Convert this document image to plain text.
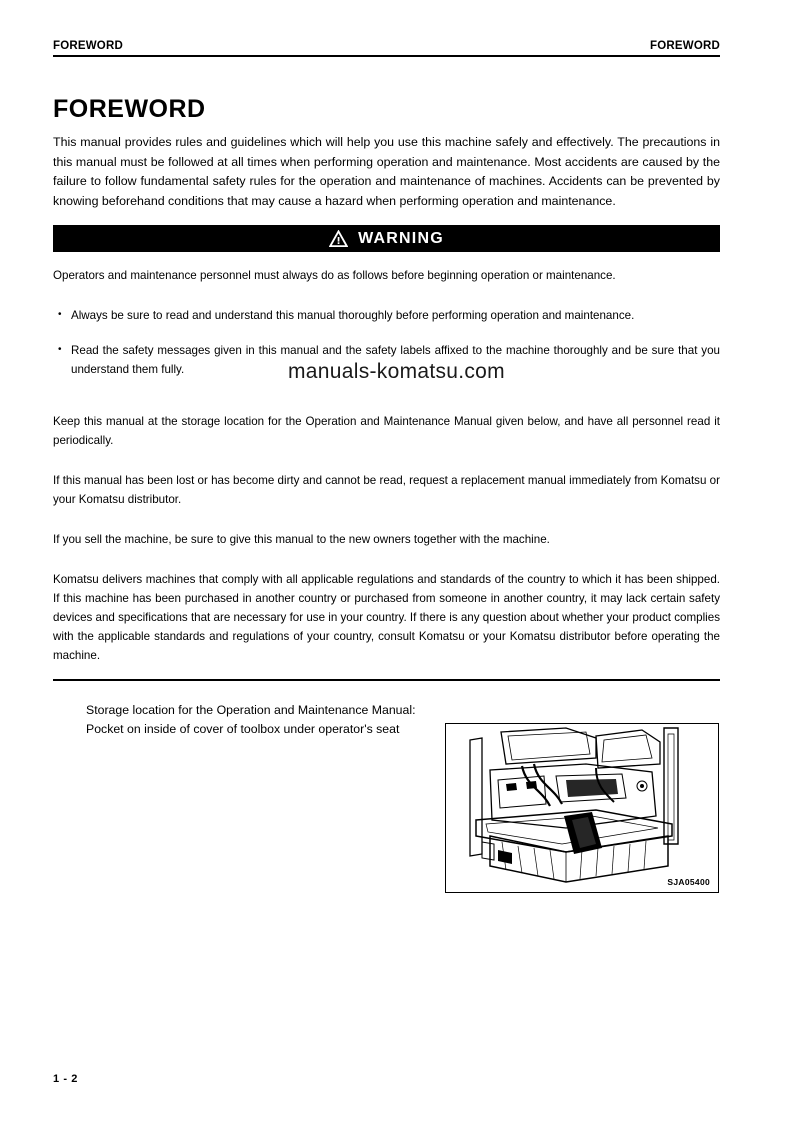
FOREWORD	FOREWORD
FOREWORD

This manual provides rules and guidelines which will help you use this machine safely and effectively. The precautions in this manual must be followed at all times when performing operation and maintenance. Most accidents are caused by the failure to follow fundamental safety rules for the operation and maintenance of machines. Accidents can be prevented by knowing beforehand conditions that may cause a hazard when performing operation and maintenance.

WARNING

Operators and maintenance personnel must always do as follows before beginning operation or maintenance.

• Always be sure to read and understand this manual thoroughly before performing operation and maintenance.
• Read the safety messages given in this manual and the safety labels affixed to the machine thoroughly and be sure that you understand them fully.

Keep this manual at the storage location for the Operation and Maintenance Manual given below, and have all personnel read it periodically.

If this manual has been lost or has become dirty and cannot be read, request a replacement manual immediately from Komatsu or your Komatsu distributor.

If you sell the machine, be sure to give this manual to the new owners together with the machine.

Komatsu delivers machines that comply with all applicable regulations and standards of the country to which it has been shipped. If this machine has been purchased in another country or purchased from someone in another country, it may lack certain safety devices and specifications that are necessary for use in your country. If there is any question about whether your product complies with the applicable standards and regulations of your country, consult Komatsu or your Komatsu distributor before operating the machine.

Storage location for the Operation and Maintenance Manual:
Pocket on inside of cover of toolbox under operator's seat
SJA05400
manuals-komatsu.com
1 - 2
